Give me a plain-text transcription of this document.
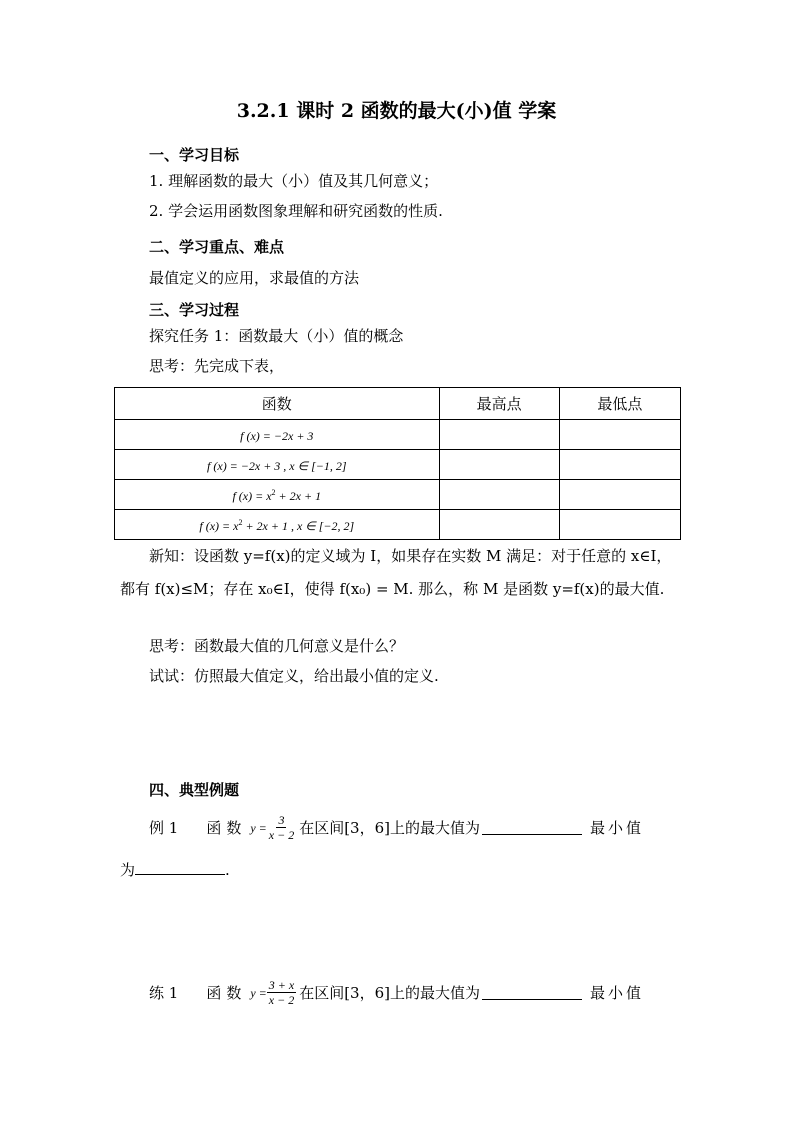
3.2.1 课时 2 函数的最大(小)值 学案
一、学习目标
1. 理解函数的最大（小）值及其几何意义；
2. 学会运用函数图象理解和研究函数的性质.
二、学习重点、难点
最值定义的应用，求最值的方法
三、学习过程
探究任务 1：函数最大（小）值的概念
思考：先完成下表，
函数	最高点	最低点
f (x) = −2x + 3		
f (x) = −2x + 3 , x ∈ [−1, 2]		
f $(x) = x^2 + 2x + 1$		
f $(x) = x^2 + 2x + 1$ , x ∈ [−2, 2]		
新知：设函数 y=f(x)的定义域为 I，如果存在实数 M 满足：对于任意的 x∈I，
都有 f(x)≤M；存在 x₀∈I，使得 f(x₀) = M. 那么，称 M 是函数 y=f(x)的最大值.
思考：函数最大值的几何意义是什么？
试试：仿照最大值定义，给出最小值的定义.
四、典型例题
例 1 函数 $y = \frac{3}{x - 2}$ 在区间[3，6]上的最大值为	最小值
为	.
练 1 函数 $y = \frac{3 + x}{x - 2}$ 在区间[3，6]上的最大值为	最小值
